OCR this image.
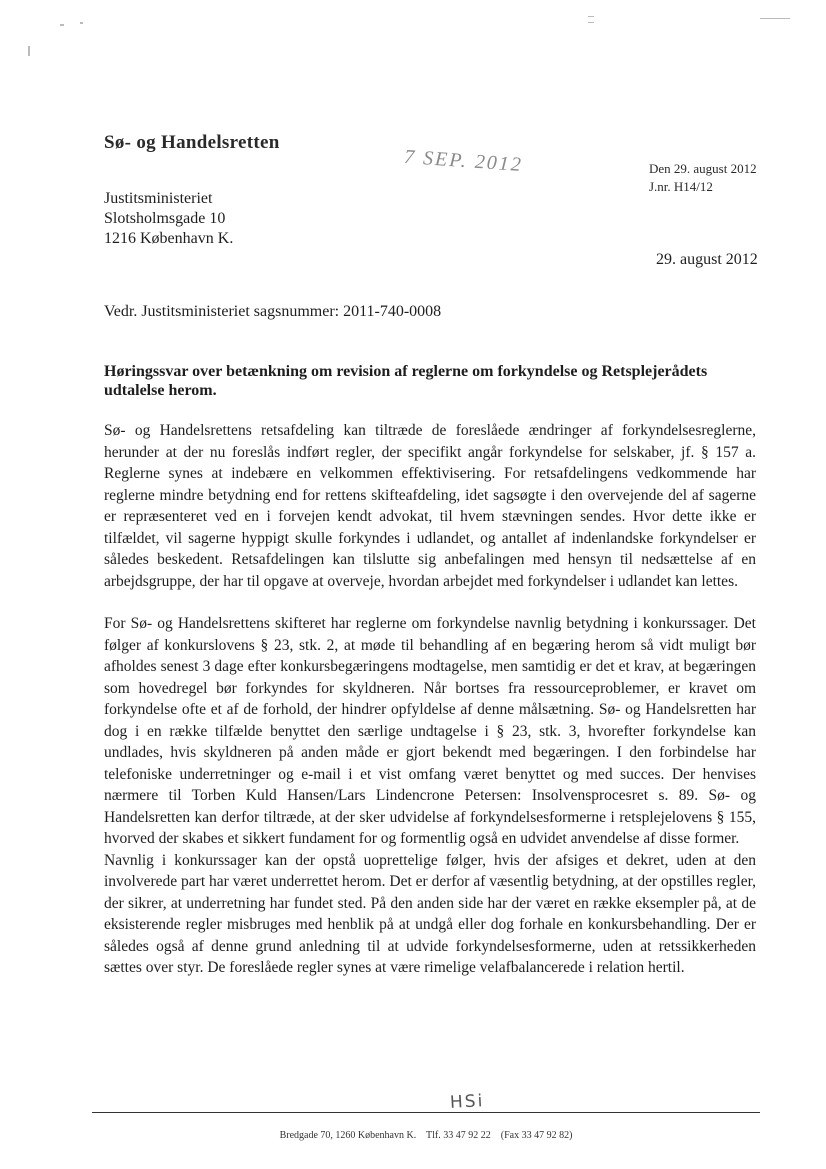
Sø- og Handelsretten
7 SEP. 2012	Den 29. august 2012
J.nr. H14/12
Justitsministeriet
Slotsholmsgade 10
1216 København K.
29. august 2012
Vedr. Justitsministeriet sagsnummer: 2011-740-0008
Høringssvar over betænkning om revision af reglerne om forkyndelse og Retsplejerådets udtalelse herom.

Sø- og Handelsrettens retsafdeling kan tiltræde de foreslåede ændringer af forkyndelsesreglerne, herunder at der nu foreslås indført regler, der specifikt angår forkyndelse for selskaber, jf. § 157 a. Reglerne synes at indebære en velkommen effektivisering. For retsafdelingens vedkommende har reglerne mindre betydning end for rettens skifteafdeling, idet sagsøgte i den overvejende del af sagerne er repræsenteret ved en i forvejen kendt advokat, til hvem stævningen sendes. Hvor dette ikke er tilfældet, vil sagerne hyppigt skulle forkyndes i udlandet, og antallet af indenlandske forkyndelser er således beskedent. Retsafdelingen kan tilslutte sig anbefalingen med hensyn til nedsættelse af en arbejdsgruppe, der har til opgave at overveje, hvordan arbejdet med forkyndelser i udlandet kan lettes.

For Sø- og Handelsrettens skifteret har reglerne om forkyndelse navnlig betydning i konkurssager. Det følger af konkurslovens § 23, stk. 2, at møde til behandling af en begæring herom så vidt muligt bør afholdes senest 3 dage efter konkursbegæringens modtagelse, men samtidig er det et krav, at begæringen som hovedregel bør forkyndes for skyldneren. Når bortses fra ressourceproblemer, er kravet om forkyndelse ofte et af de forhold, der hindrer opfyldelse af denne målsætning. Sø- og Handelsretten har dog i en række tilfælde benyttet den særlige undtagelse i § 23, stk. 3, hvorefter forkyndelse kan undlades, hvis skyldneren på anden måde er gjort bekendt med begæringen. I den forbindelse har telefoniske underretninger og e-mail i et vist omfang været benyttet og med succes. Der henvises nærmere til Torben Kuld Hansen/Lars Lindencrone Petersen: Insolvensprocesret s. 89. Sø- og Handelsretten kan derfor tiltræde, at der sker udvidelse af forkyndelsesformerne i retsplejelovens § 155, hvorved der skabes et sikkert fundament for og formentlig også en udvidet anvendelse af disse former.

Navnlig i konkurssager kan der opstå uoprettelige følger, hvis der afsiges et dekret, uden at den involverede part har været underrettet herom. Det er derfor af væsentlig betydning, at der opstilles regler, der sikrer, at underretning har fundet sted. På den anden side har der været en række eksempler på, at de eksisterende regler misbruges med henblik på at undgå eller dog forhale en konkursbehandling. Der er således også af denne grund anledning til at udvide forkyndelsesformerne, uden at retssikkerheden sættes over styr. De foreslåede regler synes at være rimelige velafbalancerede i relation hertil.

HSi
Bredgade 70, 1260 København K. Tlf. 33 47 92 22 (Fax 33 47 92 82)
